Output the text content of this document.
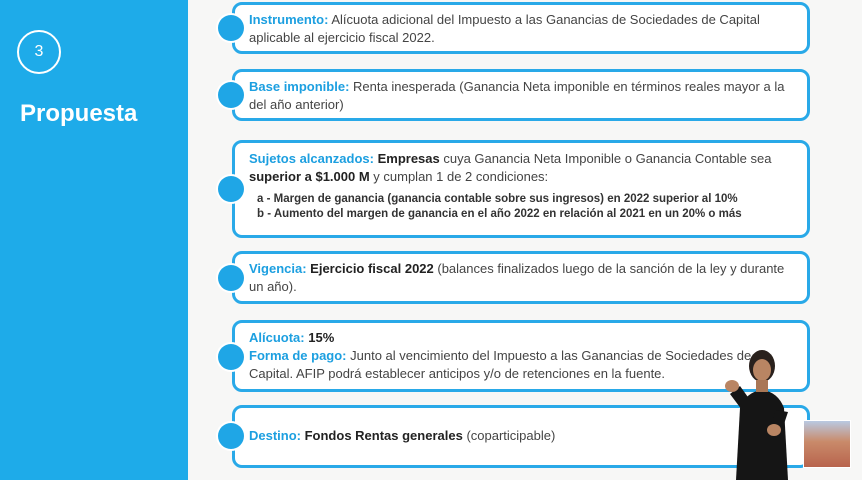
3
Propuesta
Instrumento: Alícuota adicional del Impuesto a las Ganancias de Sociedades de Capital aplicable al ejercicio fiscal 2022.
Base imponible: Renta inesperada (Ganancia Neta imponible en términos reales mayor a la del año anterior)
Sujetos alcanzados: Empresas cuya Ganancia Neta Imponible o Ganancia Contable sea superior a $1.000 M y cumplan 1 de 2 condiciones:
a - Margen de ganancia (ganancia contable sobre sus ingresos) en 2022 superior al 10%
b - Aumento del margen de ganancia en el año 2022 en relación al 2021 en un 20% o más
Vigencia: Ejercicio fiscal 2022 (balances finalizados luego de la sanción de la ley y durante un año).
Alícuota: 15%
Forma de pago: Junto al vencimiento del Impuesto a las Ganancias de Sociedades de Capital. AFIP podrá establecer anticipos y/o de retenciones en la fuente.
Destino: Fondos Rentas generales (coparticipable)
